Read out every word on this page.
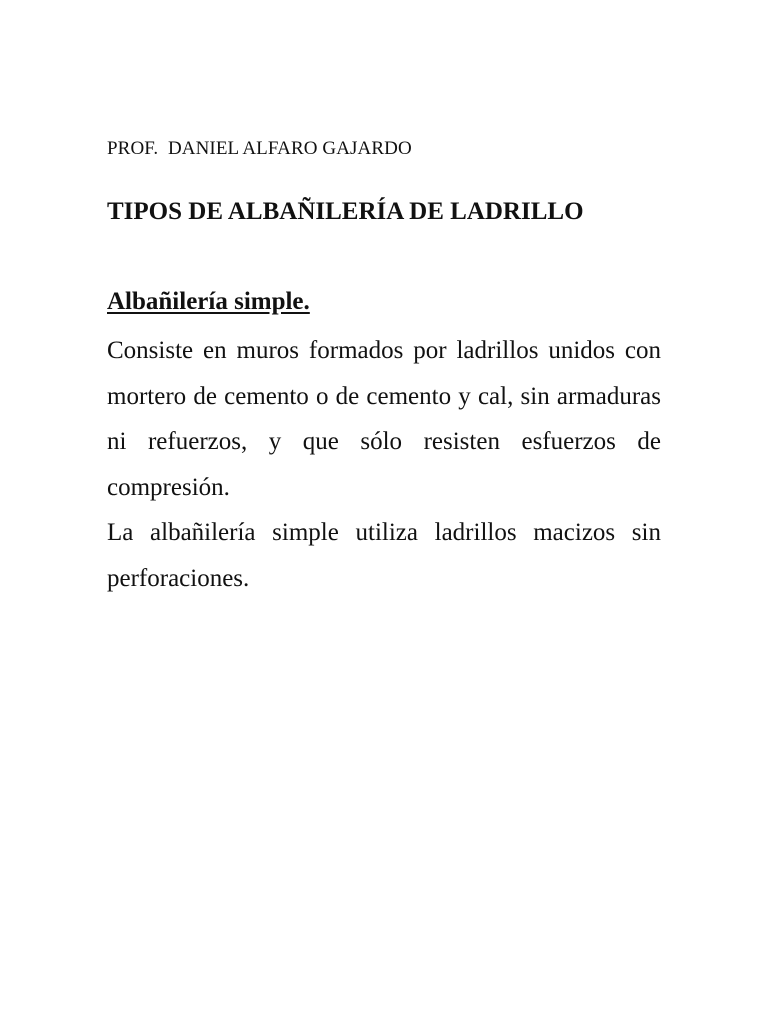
PROF.  DANIEL ALFARO GAJARDO
TIPOS DE ALBAÑILERÍA DE LADRILLO
Albañilería simple.

Consiste en muros formados por ladrillos unidos con mortero de cemento o de cemento y cal, sin armaduras ni refuerzos, y que sólo resisten esfuerzos de compresión.

La albañilería simple utiliza ladrillos macizos sin perforaciones.
